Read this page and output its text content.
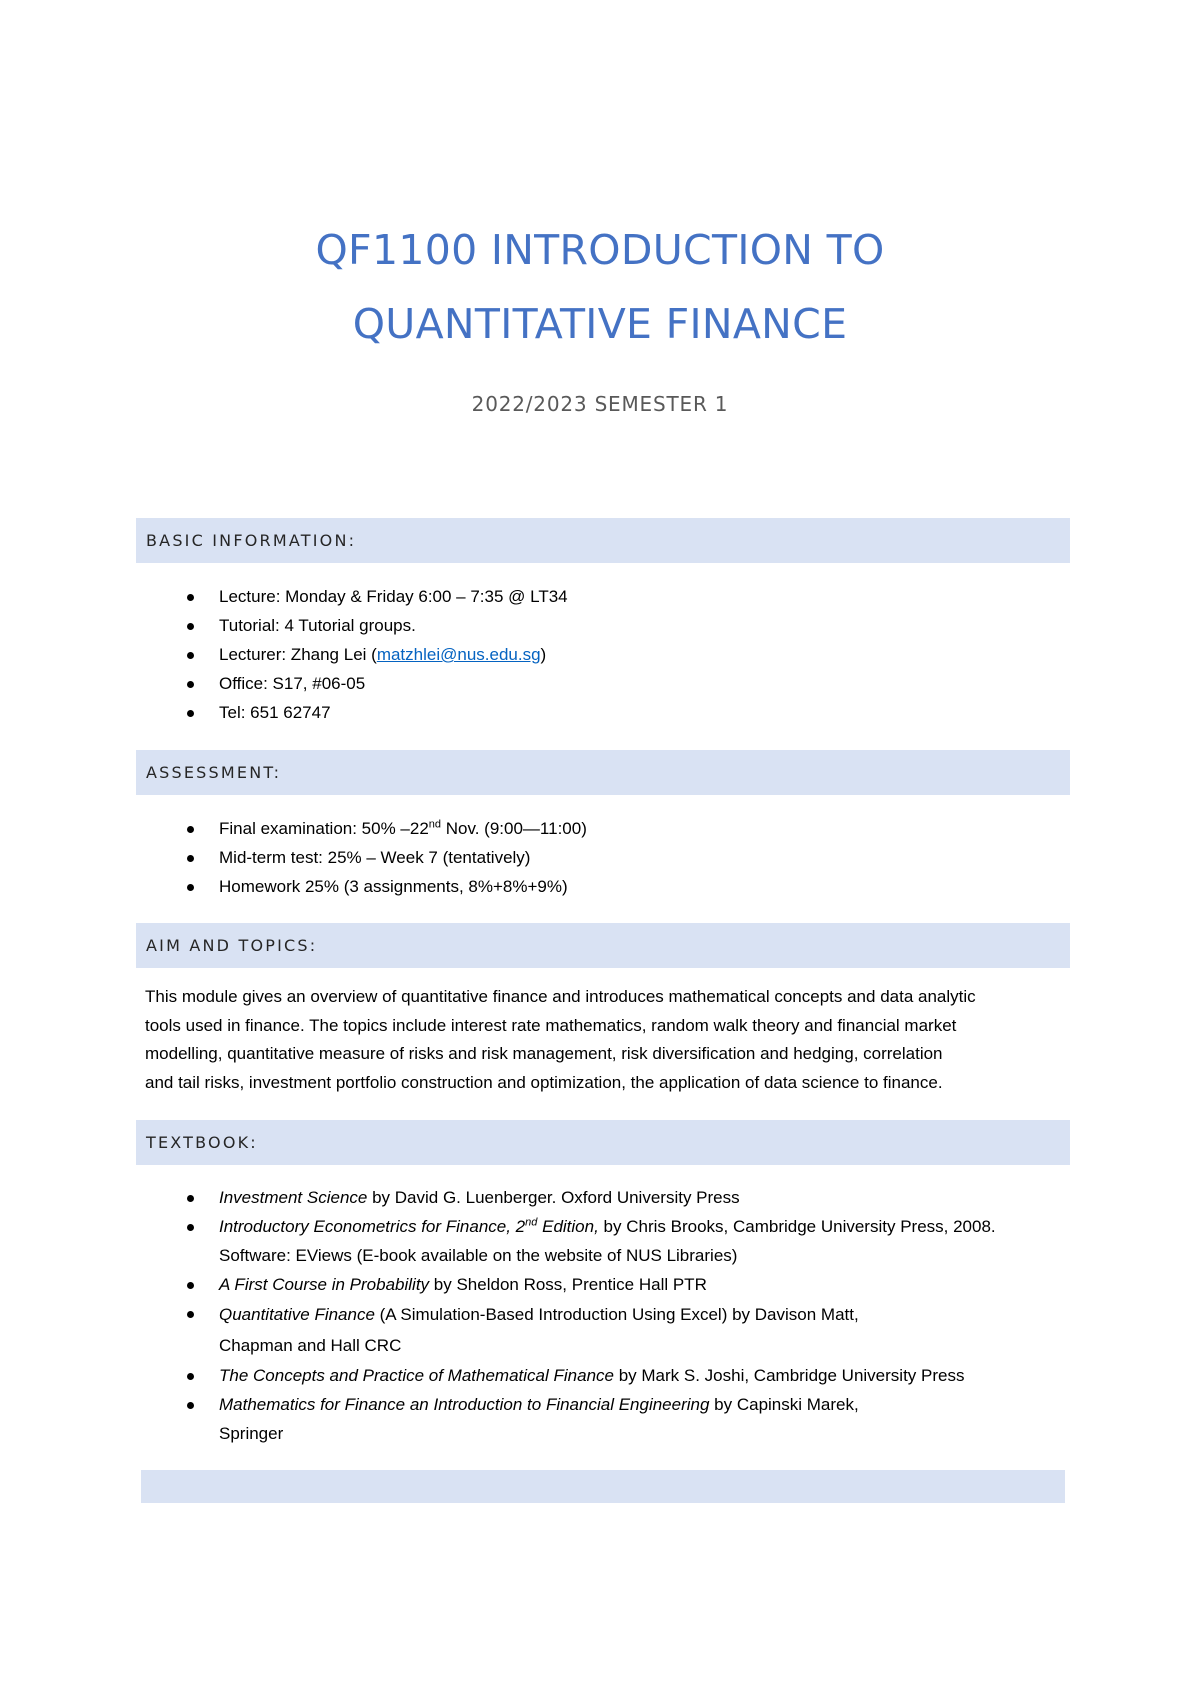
QF1100 INTRODUCTION TO
QUANTITATIVE FINANCE
2022/2023 SEMESTER 1
BASIC INFORMATION:
Lecture: Monday & Friday 6:00 – 7:35 @ LT34
Tutorial: 4 Tutorial groups.
Lecturer: Zhang Lei (matzhlei@nus.edu.sg)
Office: S17, #06-05
Tel: 651 62747
ASSESSMENT:
Final examination: 50% –22nd Nov. (9:00—11:00)
Mid-term test: 25% – Week 7 (tentatively)
Homework 25% (3 assignments, 8%+8%+9%)
AIM AND TOPICS:

This module gives an overview of quantitative finance and introduces mathematical concepts and data analytic
tools used in finance. The topics include interest rate mathematics, random walk theory and financial market
modelling, quantitative measure of risks and risk management, risk diversification and hedging, correlation
and tail risks, investment portfolio construction and optimization, the application of data science to finance.

TEXTBOOK:
Investment Science by David G. Luenberger. Oxford University Press
Introductory Econometrics for Finance, 2nd Edition, by Chris Brooks, Cambridge University Press, 2008.
Software: EViews (E-book available on the website of NUS Libraries)
A First Course in Probability by Sheldon Ross, Prentice Hall PTR
Quantitative Finance (A Simulation-Based Introduction Using Excel) by Davison Matt,
Chapman and Hall CRC
The Concepts and Practice of Mathematical Finance by Mark S. Joshi, Cambridge University Press
Mathematics for Finance an Introduction to Financial Engineering by Capinski Marek,
Springer
